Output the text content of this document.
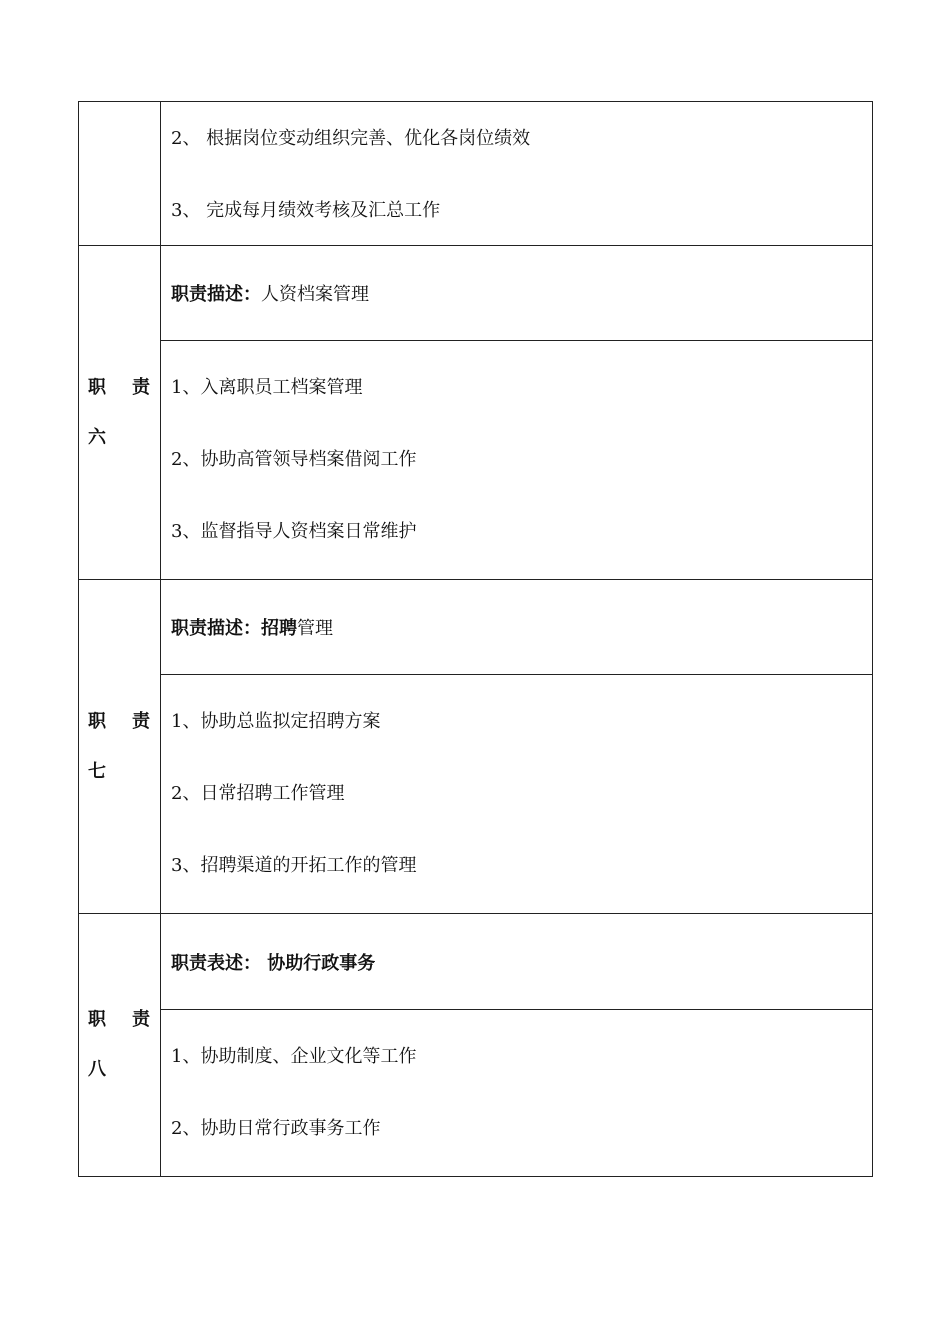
	2、 根据岗位变动组织完善、优化各岗位绩效
3、 完成每月绩效考核及汇总工作

职 责
六	职责描述：人资档案管理

	1、入离职员工档案管理
2、协助高管领导档案借阅工作
3、监督指导人资档案日常维护

职 责
七	职责描述：招聘管理

	1、协助总监拟定招聘方案
2、日常招聘工作管理
3、招聘渠道的开拓工作的管理

职 责
八	职责表述： 协助行政事务

	1、协助制度、企业文化等工作
2、协助日常行政事务工作
